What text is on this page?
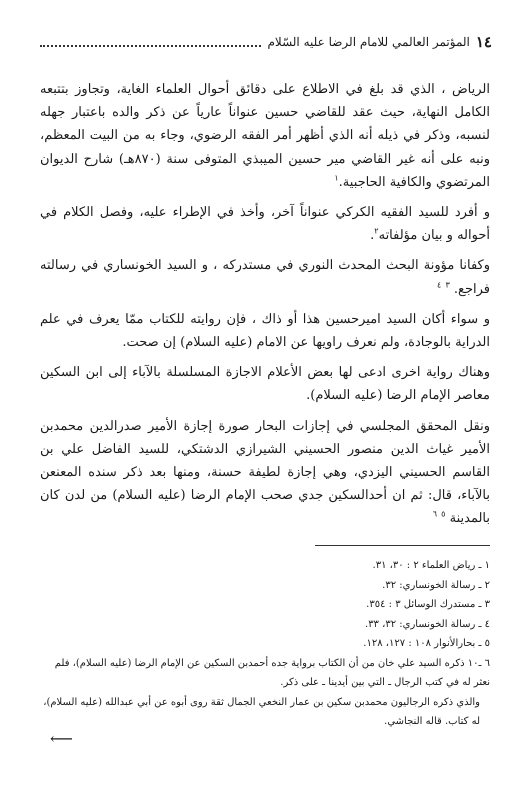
١٤
المؤتمر العالمي للامام الرضا عليه السّلام

الرياض ، الذي قد بلغ في الاطلاع على دقائق أحوال العلماء الغاية، وتجاوز بتتبعه الكامل النهاية، حيث عقد للقاضي حسين عنواناً عارياً عن ذكر والده باعتبار جهله لنسبه، وذكر في ذيله أنه الذي أظهر أمر الفقه الرضوي، وجاء به من البيت المعظم، ونبه على أنه غير القاضي مير حسين الميبذي المتوفى سنة (٨٧٠هـ) شارح الديوان المرتضوي والكافية الحاجبية.$^١$

و أفرد للسيد الفقيه الكركي عنواناً آخر، وأخذ في الإطراء عليه، وفصل الكلام في أحواله و بيان مؤلفاته$^٢$.

وكفانا مؤونة البحث المحدث النوري في مستدركه ، و السيد الخونساري في رسالته فراجع. $^٣$ $^٤$

و سواء أكان السيد اميرحسين هذا أو ذاك ، فإن روايته للكتاب ممّا يعرف في علم الدراية بالوجادة، ولم نعرف راويها عن الامام (عليه السلام) إن صحت.

وهناك رواية اخرى ادعى لها بعض الأعلام الاجازة المسلسلة بالآباء إلى ابن السكين معاصر الإمام الرضا (عليه السلام).

ونقل المحقق المجلسي في إجازات البحار صورة إجازة الأمير صدرالدين محمدبن الأمير غياث الدين منصور الحسيني الشيرازي الدشتكي، للسيد الفاضل علي بن القاسم الحسيني اليزدي، وهي إجازة لطيفة حسنة، ومنها بعد ذكر سنده المعنعن بالآباء، قال: ثم ان أحدالسكين جدي صحب الإمام الرضا (عليه السلام) من لدن كان بالمدينة $^٥$ $^٦$

١ ـ رياض العلماء ٢ : ٣٠، ٣١.

٢ ـ رسالة الخونساري: ٣٢.

٣ ـ مستدرك الوسائل ٣ : ٣٥٤.

٤ ـ رسالة الخونساري: ٣٢، ٣٣.

٥ ـ بحارالأنوار ١٠٨ : ١٢٧، ١٢٨.

٦ ـ١٠ ذكره السيد علي خان من أن الكتاب برواية جده أحمدبن السكين عن الإمام الرضا (عليه السلام)، فلم نعثر له في كتب الرجال ـ التي بين أيدينا ـ على ذكر.

والذي ذكره الرجاليون محمدبن سكين بن عمار النخعي الجمال ثقة روى أبوه عن أبي عبدالله (عليه السلام)، له كتاب. قاله النجاشي.

⟵
